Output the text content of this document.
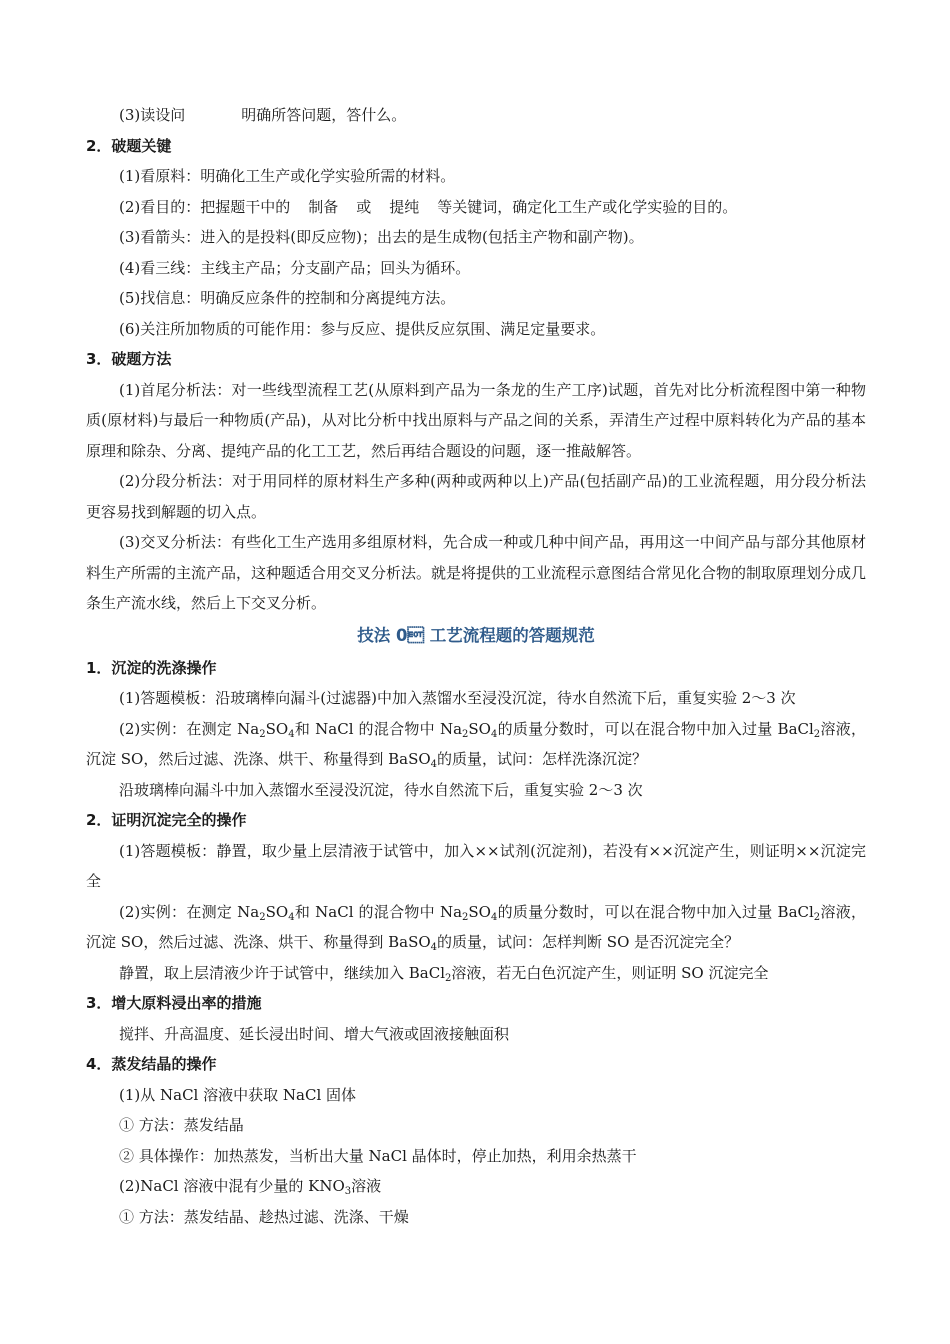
(3)读设问	明确所答问题，答什么。
2．破题关键
(1)看原料：明确化工生产或化学实验所需的材料。
(2)看目的：把握题干中的 制备 或 提纯 等关键词，确定化工生产或化学实验的目的。
(3)看箭头：进入的是投料(即反应物)；出去的是生成物(包括主产物和副产物)。
(4)看三线：主线主产品；分支副产品；回头为循环。
(5)找信息：明确反应条件的控制和分离提纯方法。
(6)关注所加物质的可能作用：参与反应、提供反应氛围、满足定量要求。
3．破题方法
(1)首尾分析法：对一些线型流程工艺(从原料到产品为一条龙的生产工序)试题，首先对比分析流程图中第一种物质(原材料)与最后一种物质(产品)，从对比分析中找出原料与产品之间的关系，弄清生产过程中原料转化为产品的基本原理和除杂、分离、提纯产品的化工工艺，然后再结合题设的问题，逐一推敲解答。
(2)分段分析法：对于用同样的原材料生产多种(两种或两种以上)产品(包括副产品)的工业流程题，用分段分析法更容易找到解题的切入点。
(3)交叉分析法：有些化工生产选用多组原材料，先合成一种或几种中间产品，再用这一中间产品与部分其他原材料生产所需的主流产品，这种题适合用交叉分析法。就是将提供的工业流程示意图结合常见化合物的制取原理划分成几条生产流水线，然后上下交叉分析。
技法 0 工艺流程题的答题规范
1．沉淀的洗涤操作
(1)答题模板：沿玻璃棒向漏斗(过滤器)中加入蒸馏水至浸没沉淀，待水自然流下后，重复实验 2～3 次
(2)实例：在测定 $Na_2SO_4$和 NaCl 的混合物中 $Na_2SO_4$的质量分数时，可以在混合物中加入过量 BaCl$_2$溶液，沉淀 SO，然后过滤、洗涤、烘干、称量得到 BaSO$_4$的质量，试问：怎样洗涤沉淀？
沿玻璃棒向漏斗中加入蒸馏水至浸没沉淀，待水自然流下后，重复实验 2～3 次
2．证明沉淀完全的操作
(1)答题模板：静置，取少量上层清液于试管中，加入××试剂(沉淀剂)，若没有××沉淀产生，则证明××沉淀完全
(2)实例：在测定 $Na_2SO_4$和 NaCl 的混合物中 $Na_2SO_4$的质量分数时，可以在混合物中加入过量 BaCl$_2$溶液，沉淀 SO，然后过滤、洗涤、烘干、称量得到 BaSO$_4$的质量，试问：怎样判断 SO 是否沉淀完全？
静置，取上层清液少许于试管中，继续加入 BaCl$_2$溶液，若无白色沉淀产生，则证明 SO 沉淀完全
3．增大原料浸出率的措施
搅拌、升高温度、延长浸出时间、增大气液或固液接触面积
4．蒸发结晶的操作
(1)从 NaCl 溶液中获取 NaCl 固体
① 方法：蒸发结晶
② 具体操作：加热蒸发，当析出大量 NaCl 晶体时，停止加热，利用余热蒸干
(2)NaCl 溶液中混有少量的 $KNO_3$溶液
① 方法：蒸发结晶、趁热过滤、洗涤、干燥
